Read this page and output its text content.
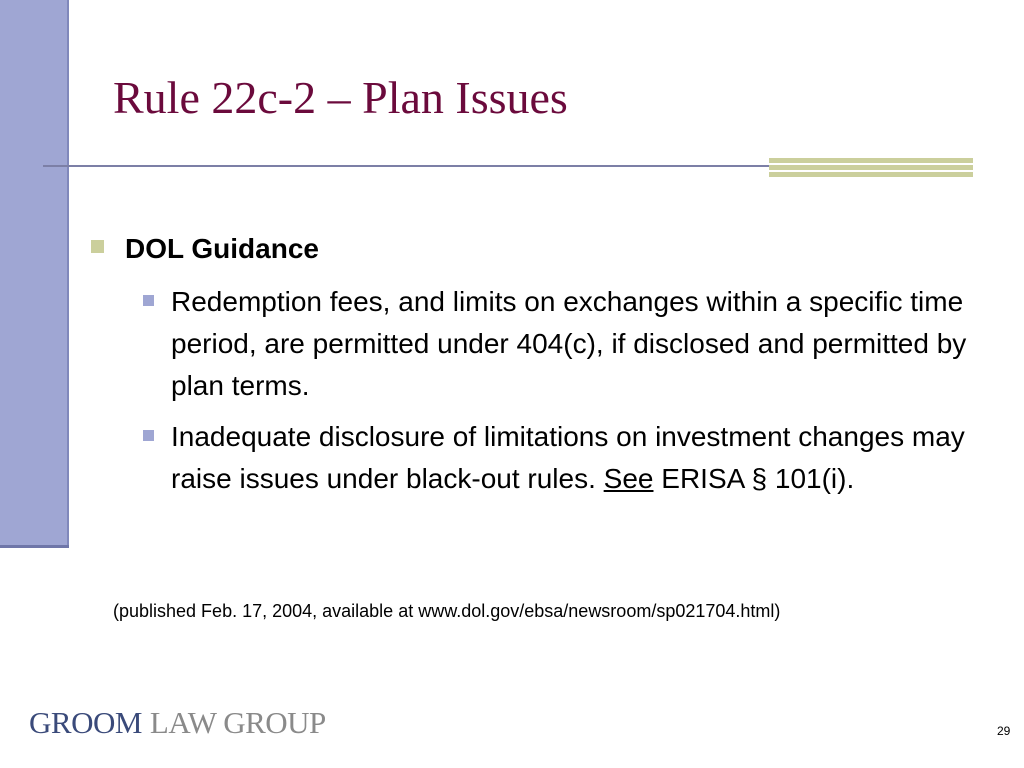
Rule 22c-2 – Plan Issues
DOL Guidance
Redemption fees, and limits on exchanges within a specific time period, are permitted under 404(c), if disclosed and permitted by plan terms.
Inadequate disclosure of limitations on investment changes may raise issues under black-out rules. See ERISA § 101(i).
(published Feb. 17, 2004, available at www.dol.gov/ebsa/newsroom/sp021704.html)
GROOM LAW GROUP	29
